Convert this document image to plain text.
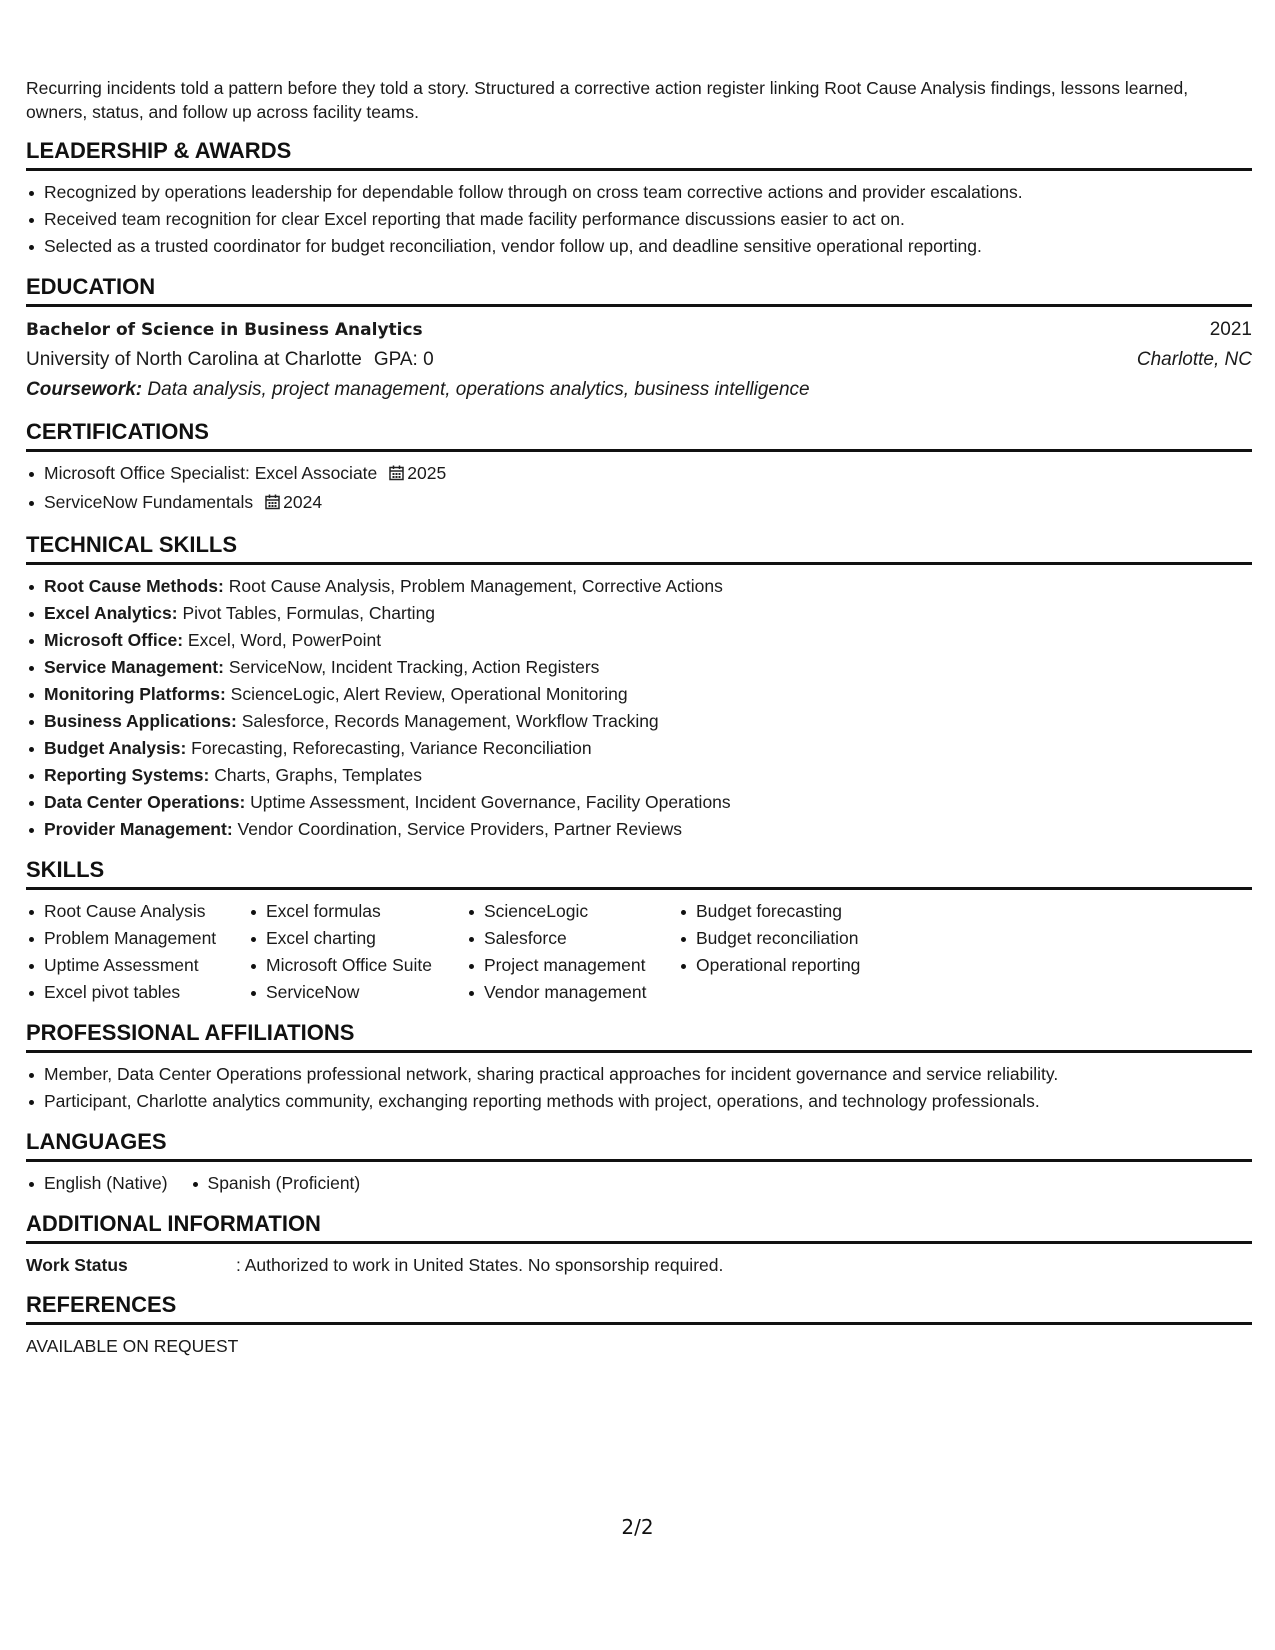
Recurring incidents told a pattern before they told a story. Structured a corrective action register linking Root Cause Analysis findings, lessons learned, owners, status, and follow up across facility teams.

LEADERSHIP & AWARDS
Recognized by operations leadership for dependable follow through on cross team corrective actions and provider escalations.
Received team recognition for clear Excel reporting that made facility performance discussions easier to act on.
Selected as a trusted coordinator for budget reconciliation, vendor follow up, and deadline sensitive operational reporting.
EDUCATION
Bachelor of Science in Business Analytics	2021
University of North Carolina at Charlotte GPA: 0	Charlotte, NC
Coursework: Data analysis, project management, operations analytics, business intelligence
CERTIFICATIONS
Microsoft Office Specialist: Excel Associate 2025
ServiceNow Fundamentals 2024
TECHNICAL SKILLS
Root Cause Methods: Root Cause Analysis, Problem Management, Corrective Actions
Excel Analytics: Pivot Tables, Formulas, Charting
Microsoft Office: Excel, Word, PowerPoint
Service Management: ServiceNow, Incident Tracking, Action Registers
Monitoring Platforms: ScienceLogic, Alert Review, Operational Monitoring
Business Applications: Salesforce, Records Management, Workflow Tracking
Budget Analysis: Forecasting, Reforecasting, Variance Reconciliation
Reporting Systems: Charts, Graphs, Templates
Data Center Operations: Uptime Assessment, Incident Governance, Facility Operations
Provider Management: Vendor Coordination, Service Providers, Partner Reviews
SKILLS
Root Cause Analysis
Problem Management
Uptime Assessment
Excel pivot tables
Excel formulas
Excel charting
Microsoft Office Suite
ServiceNow
ScienceLogic
Salesforce
Project management
Vendor management
Budget forecasting
Budget reconciliation
Operational reporting
PROFESSIONAL AFFILIATIONS
Member, Data Center Operations professional network, sharing practical approaches for incident governance and service reliability.
Participant, Charlotte analytics community, exchanging reporting methods with project, operations, and technology professionals.
LANGUAGES
English (Native)	Spanish (Proficient)
ADDITIONAL INFORMATION
Work Status	: Authorized to work in United States. No sponsorship required.
REFERENCES
AVAILABLE ON REQUEST
2/2
